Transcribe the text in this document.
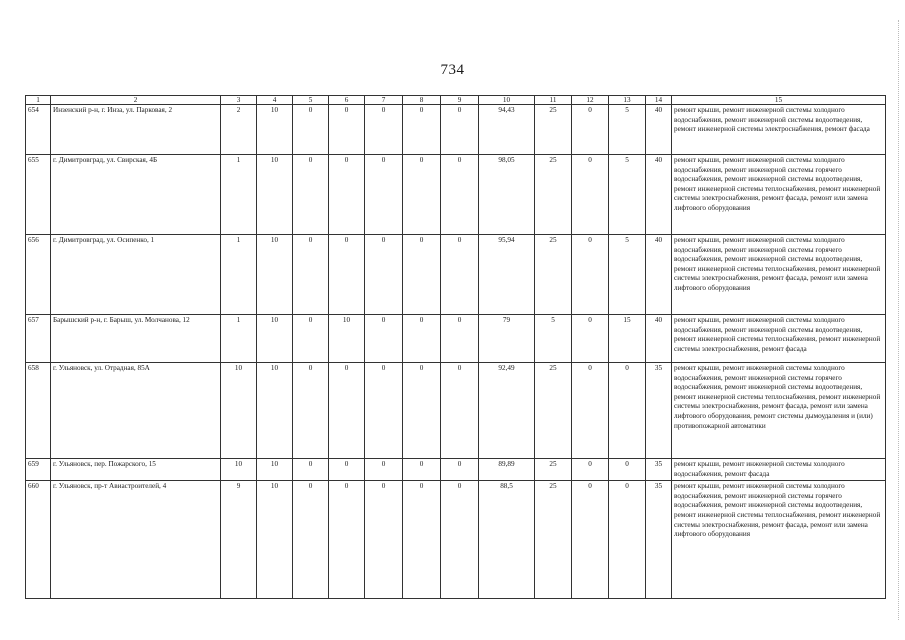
734
1	2	3	4	5	6	7	8	9	10	11	12	13	14	15
654	Инзенский р-н, г. Инза, ул. Парковая, 2	2	10	0	0	0	0	0	94,43	25	0	5	40	ремонт крыши, ремонт инженерной системы холодного водоснабжения, ремонт инженерной системы водоотведения, ремонт инженерной системы электроснабжения, ремонт фасада
655	г. Димитровград, ул. Свирская, 4Б	1	10	0	0	0	0	0	98,05	25	0	5	40	ремонт крыши, ремонт инженерной системы холодного водоснабжения, ремонт инженерной системы горячего водоснабжения, ремонт инженерной системы водоотведения, ремонт инженерной системы теплоснабжения, ремонт инженерной системы электроснабжения, ремонт фасада, ремонт или замена лифтового оборудования
656	г. Димитровград, ул. Осипенко, 1	1	10	0	0	0	0	0	95,94	25	0	5	40	ремонт крыши, ремонт инженерной системы холодного водоснабжения, ремонт инженерной системы горячего водоснабжения, ремонт инженерной системы водоотведения, ремонт инженерной системы теплоснабжения, ремонт инженерной системы электроснабжения, ремонт фасада, ремонт или замена лифтового оборудования
657	Барышский р-н, г. Барыш, ул. Молчанова, 12	1	10	0	10	0	0	0	79	5	0	15	40	ремонт крыши, ремонт инженерной системы холодного водоснабжения, ремонт инженерной системы водоотведения, ремонт инженерной системы теплоснабжения, ремонт инженерной системы электроснабжения, ремонт фасада
658	г. Ульяновск, ул. Отрадная, 85А	10	10	0	0	0	0	0	92,49	25	0	0	35	ремонт крыши, ремонт инженерной системы холодного водоснабжения, ремонт инженерной системы горячего водоснабжения, ремонт инженерной системы водоотведения, ремонт инженерной системы теплоснабжения, ремонт инженерной системы электроснабжения, ремонт фасада, ремонт или замена лифтового оборудования, ремонт системы дымоудаления и (или) противопожарной автоматики
659	г. Ульяновск, пер. Пожарского, 15	10	10	0	0	0	0	0	89,89	25	0	0	35	ремонт крыши, ремонт инженерной системы холодного водоснабжения, ремонт фасада
660	г. Ульяновск, пр-т Авиастроителей, 4	9	10	0	0	0	0	0	88,5	25	0	0	35	ремонт крыши, ремонт инженерной системы холодного водоснабжения, ремонт инженерной системы горячего водоснабжения, ремонт инженерной системы водоотведения, ремонт инженерной системы теплоснабжения, ремонт инженерной системы электроснабжения, ремонт фасада, ремонт или замена лифтового оборудования
